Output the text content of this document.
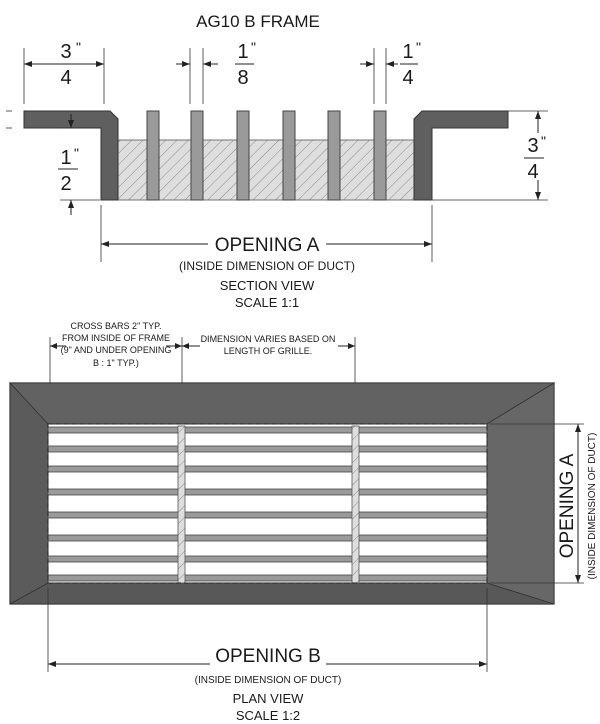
AG10 B FRAME
3 "
4
1 "
8
1 "
4
1 "
2
3 "
4
OPENING A
(INSIDE DIMENSION OF DUCT)
SECTION VIEW
SCALE 1:1
CROSS BARS 2" TYP.
FROM INSIDE OF FRAME
(9" AND UNDER OPENING
B : 1" TYP.)
DIMENSION VARIES BASED ON
LENGTH OF GRILLE.
OPENING A (INSIDE DIMENSION OF DUCT)
OPENING B
(INSIDE DIMENSION OF DUCT)
PLAN VIEW
SCALE 1:2
